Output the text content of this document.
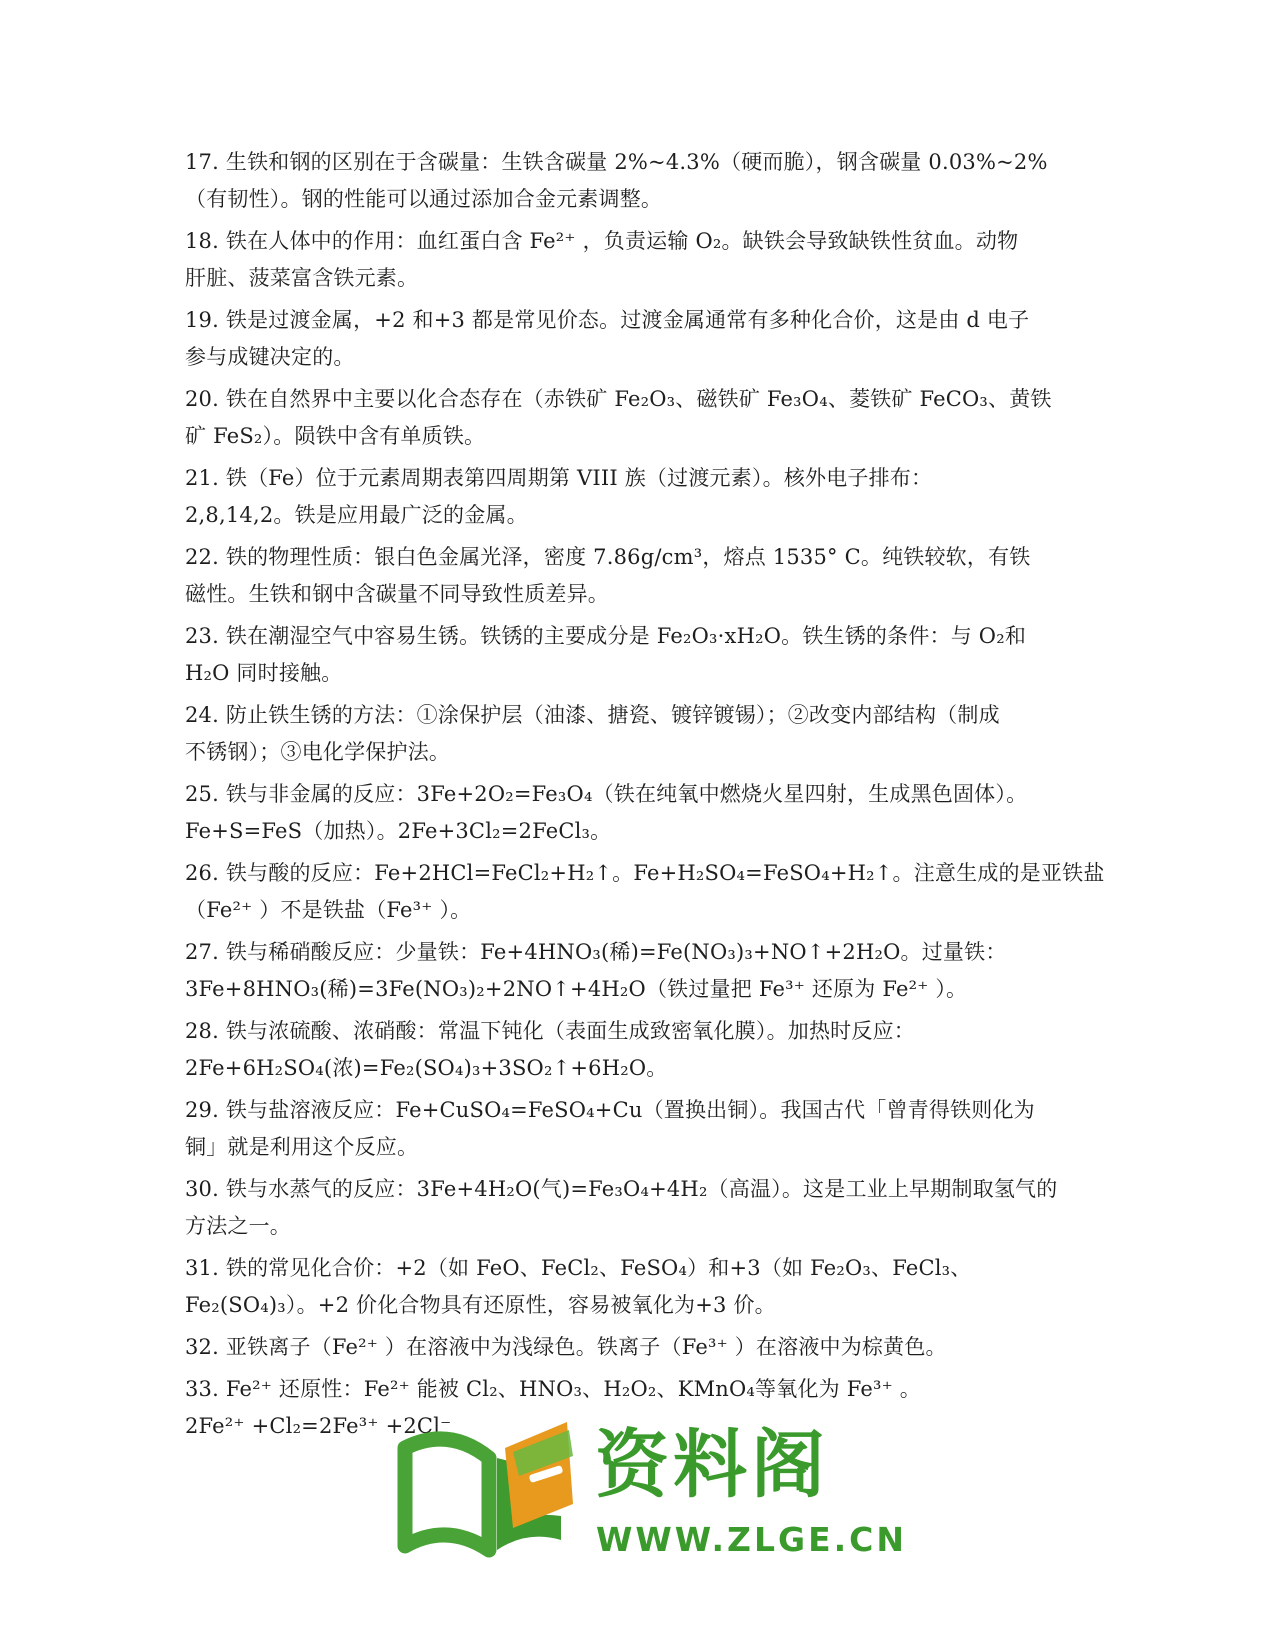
17. 生铁和钢的区别在于含碳量：生铁含碳量 2%~4.3%（硬而脆），钢含碳量 0.03%~2%

（有韧性）。钢的性能可以通过添加合金元素调整。

18. 铁在人体中的作用：血红蛋白含 Fe²⁺ ，负责运输 O₂。缺铁会导致缺铁性贫血。动物

肝脏、菠菜富含铁元素。

19. 铁是过渡金属，+2 和+3 都是常见价态。过渡金属通常有多种化合价，这是由 d 电子

参与成键决定的。

20. 铁在自然界中主要以化合态存在（赤铁矿 Fe₂O₃、磁铁矿 Fe₃O₄、菱铁矿 FeCO₃、黄铁

矿 FeS₂）。陨铁中含有单质铁。

21. 铁（Fe）位于元素周期表第四周期第 VIII 族（过渡元素）。核外电子排布：

2,8,14,2。铁是应用最广泛的金属。

22. 铁的物理性质：银白色金属光泽，密度 7.86g/cm³，熔点 1535° C。纯铁较软，有铁

磁性。生铁和钢中含碳量不同导致性质差异。

23. 铁在潮湿空气中容易生锈。铁锈的主要成分是 Fe₂O₃·xH₂O。铁生锈的条件：与 O₂和

H₂O 同时接触。

24. 防止铁生锈的方法：①涂保护层（油漆、搪瓷、镀锌镀锡）；②改变内部结构（制成

不锈钢）；③电化学保护法。

25. 铁与非金属的反应：3Fe+2O₂=Fe₃O₄（铁在纯氧中燃烧火星四射，生成黑色固体）。

Fe+S=FeS（加热）。2Fe+3Cl₂=2FeCl₃。

26. 铁与酸的反应：Fe+2HCl=FeCl₂+H₂↑。Fe+H₂SO₄=FeSO₄+H₂↑。注意生成的是亚铁盐

（Fe²⁺ ）不是铁盐（Fe³⁺ ）。

27. 铁与稀硝酸反应：少量铁：Fe+4HNO₃(稀)=Fe(NO₃)₃+NO↑+2H₂O。过量铁：

3Fe+8HNO₃(稀)=3Fe(NO₃)₂+2NO↑+4H₂O（铁过量把 Fe³⁺ 还原为 Fe²⁺ ）。

28. 铁与浓硫酸、浓硝酸：常温下钝化（表面生成致密氧化膜）。加热时反应：

2Fe+6H₂SO₄(浓)=Fe₂(SO₄)₃+3SO₂↑+6H₂O。

29. 铁与盐溶液反应：Fe+CuSO₄=FeSO₄+Cu（置换出铜）。我国古代「曾青得铁则化为

铜」就是利用这个反应。

30. 铁与水蒸气的反应：3Fe+4H₂O(气)=Fe₃O₄+4H₂（高温）。这是工业上早期制取氢气的

方法之一。

31. 铁的常见化合价：+2（如 FeO、FeCl₂、FeSO₄）和+3（如 Fe₂O₃、FeCl₃、

Fe₂(SO₄)₃）。+2 价化合物具有还原性，容易被氧化为+3 价。

32. 亚铁离子（Fe²⁺ ）在溶液中为浅绿色。铁离子（Fe³⁺ ）在溶液中为棕黄色。

33. Fe²⁺ 还原性：Fe²⁺ 能被 Cl₂、HNO₃、H₂O₂、KMnO₄等氧化为 Fe³⁺ 。

2Fe²⁺ +Cl₂=2Fe³⁺ +2Cl⁻	资料阁
WWW.ZLGE.CN
